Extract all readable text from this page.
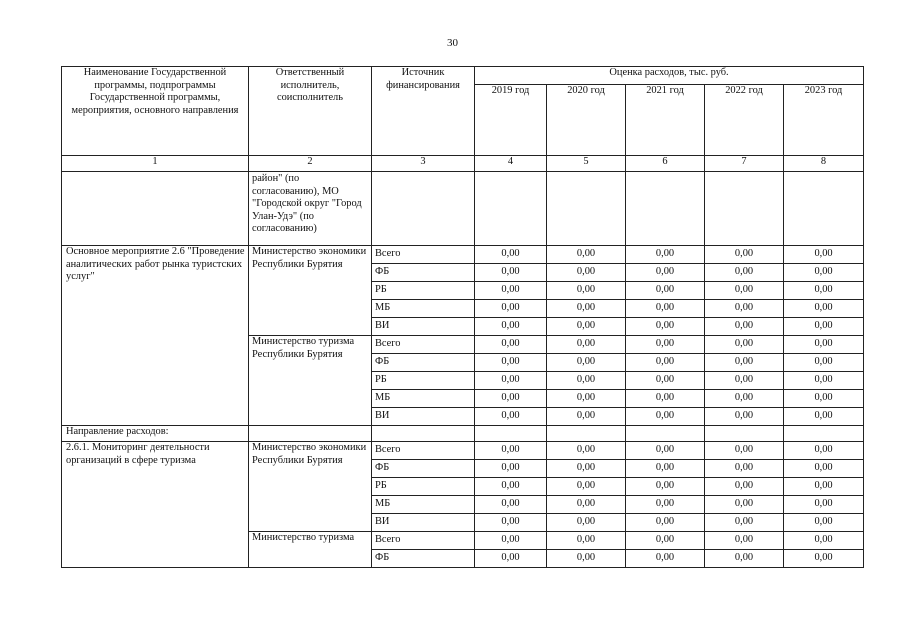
30
Наименование Государственной программы, подпрограммы Государственной программы, мероприятия, основного направления	Ответственный исполнитель, соисполнитель	Источник финансирования	Оценка расходов, тыс. руб.				
			2019 год	2020 год	2021 год	2022 год	2023 год
1	2	3	4	5	6	7	8
	район" (по согласованию), МО "Городской округ "Город Улан-Удэ" (по согласованию)						
Основное мероприятие 2.6 "Проведение аналитических работ рынка туристских услуг"	Министерство экономики Республики Бурятия	Всего	0,00	0,00	0,00	0,00	0,00
		ФБ	0,00	0,00	0,00	0,00	0,00
		РБ	0,00	0,00	0,00	0,00	0,00
		МБ	0,00	0,00	0,00	0,00	0,00
		ВИ	0,00	0,00	0,00	0,00	0,00
	Министерство туризма Республики Бурятия	Всего	0,00	0,00	0,00	0,00	0,00
		ФБ	0,00	0,00	0,00	0,00	0,00
		РБ	0,00	0,00	0,00	0,00	0,00
		МБ	0,00	0,00	0,00	0,00	0,00
		ВИ	0,00	0,00	0,00	0,00	0,00
Направление расходов:							
2.6.1. Мониторинг деятельности организаций в сфере туризма	Министерство экономики Республики Бурятия	Всего	0,00	0,00	0,00	0,00	0,00
		ФБ	0,00	0,00	0,00	0,00	0,00
		РБ	0,00	0,00	0,00	0,00	0,00
		МБ	0,00	0,00	0,00	0,00	0,00
		ВИ	0,00	0,00	0,00	0,00	0,00
	Министерство туризма	Всего	0,00	0,00	0,00	0,00	0,00
		ФБ	0,00	0,00	0,00	0,00	0,00
